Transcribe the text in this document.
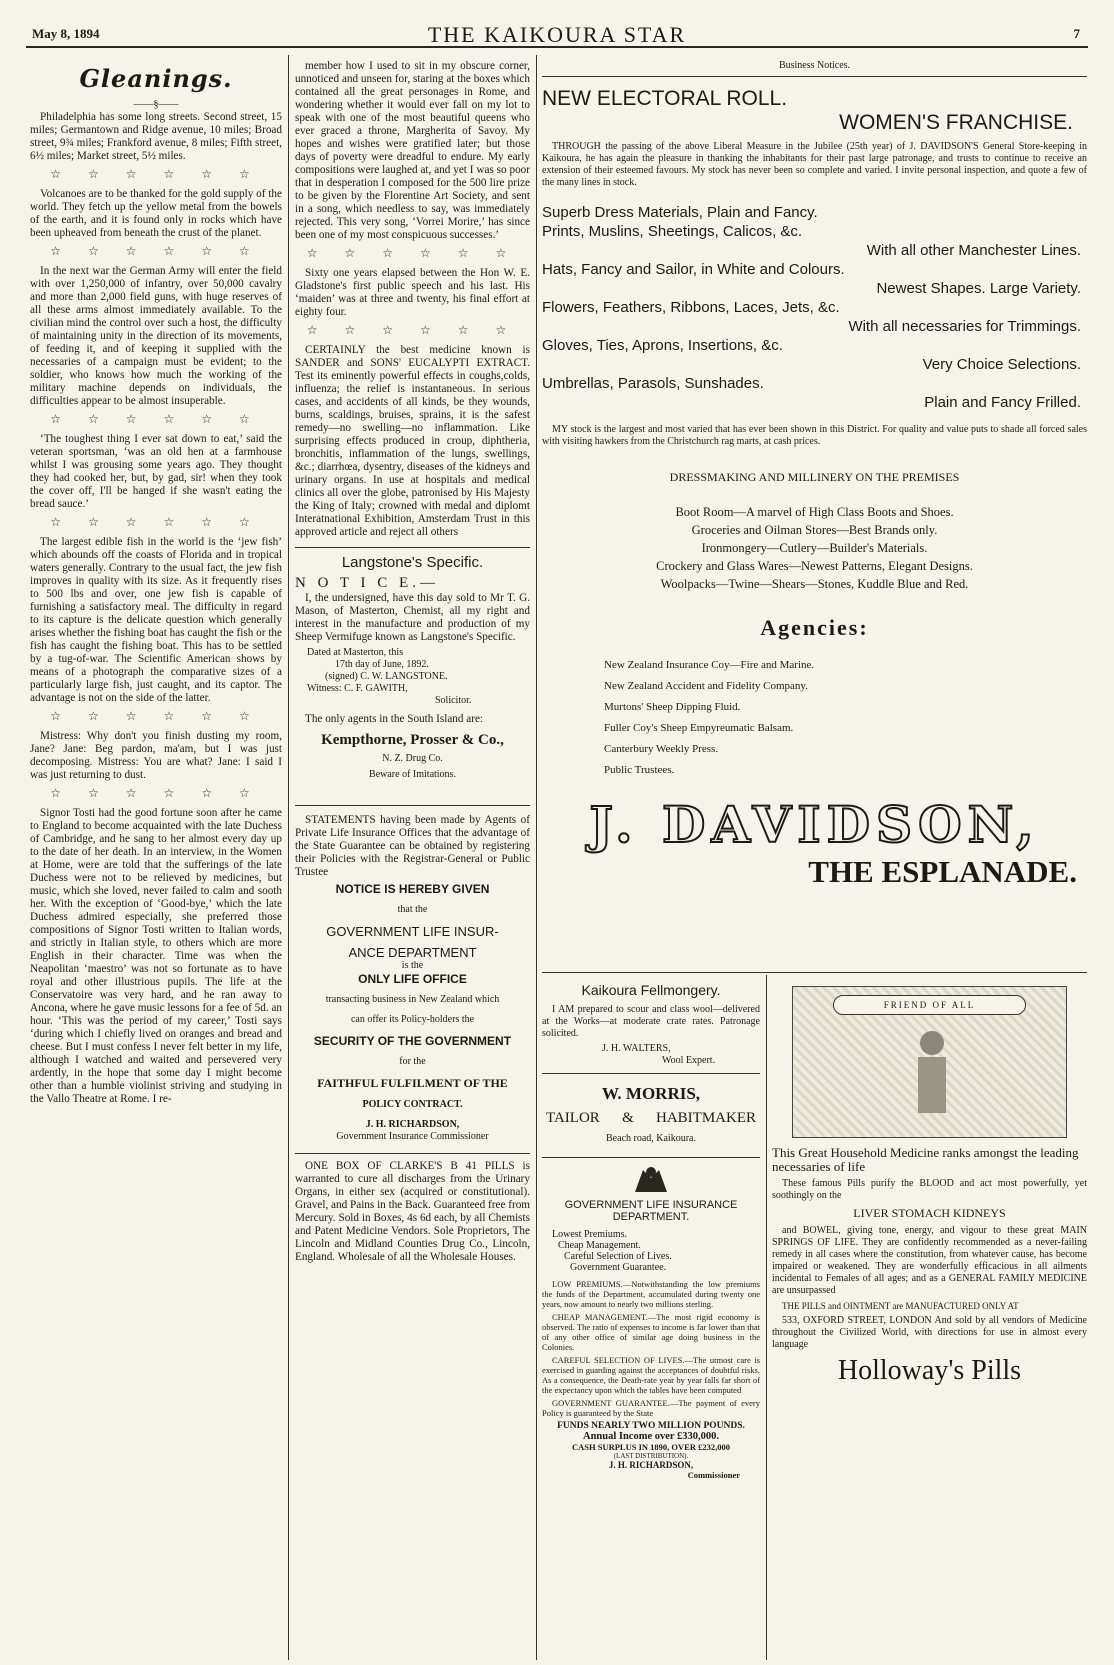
May 8, 1894	THE KAIKOURA STAR	7
Gleanings.
——§——

Philadelphia has some long streets. Second street, 15 miles; Germantown and Ridge avenue, 10 miles; Broad street, 9¾ miles; Frankford avenue, 8 miles; Fifth street, 6½ miles; Market street, 5½ miles.

☆ ☆ ☆ ☆ ☆ ☆

Volcanoes are to be thanked for the gold supply of the world. They fetch up the yellow metal from the bowels of the earth, and it is found only in rocks which have been upheaved from beneath the crust of the planet.

☆ ☆ ☆ ☆ ☆ ☆

In the next war the German Army will enter the field with over 1,250,000 of infantry, over 50,000 cavalry and more than 2,000 field guns, with huge reserves of all these arms almost immediately available. To the civilian mind the control over such a host, the difficulty of maintaining unity in the direction of its movements, of feeding it, and of keeping it supplied with the necessaries of a campaign must be evident; to the soldier, who knows how much the working of the military machine depends on individuals, the difficulties appear to be almost insuperable.

☆ ☆ ☆ ☆ ☆ ☆

‘The toughest thing I ever sat down to eat,’ said the veteran sportsman, ‘was an old hen at a farmhouse whilst I was grousing some years ago. They thought they had cooked her, but, by gad, sir! when they took the cover off, I'll be hanged if she wasn't eating the bread sauce.’

☆ ☆ ☆ ☆ ☆ ☆

The largest edible fish in the world is the ‘jew fish’ which abounds off the coasts of Florida and in tropical waters generally. Contrary to the usual fact, the jew fish improves in quality with its size. As it frequently rises to 500 lbs and over, one jew fish is capable of furnishing a satisfactory meal. The difficulty in regard to its capture is the delicate question which generally arises whether the fishing boat has caught the fish or the fish has caught the fishing boat. This has to be settled by a tug-of-war. The Scientific American shows by means of a photograph the comparative sizes of a particularly large fish, just caught, and its captor. The advantage is not on the side of the latter.

☆ ☆ ☆ ☆ ☆ ☆

Mistress: Why don't you finish dusting my room, Jane? Jane: Beg pardon, ma'am, but I was just decomposing. Mistress: You are what? Jane: I said I was just returning to dust.

☆ ☆ ☆ ☆ ☆ ☆

Signor Tosti had the good fortune soon after he came to England to become acquainted with the late Duchess of Cambridge, and he sang to her almost every day up to the date of her death. In an interview, in the Women at Home, were are told that the sufferings of the late Duchess were not to be relieved by medicines, but music, which she loved, never failed to calm and sooth her. With the exception of ‘Good-bye,’ which the late Duchess admired especially, she preferred those compositions of Signor Tosti written to Italian words, and strictly in Italian style, to others which are more English in their character. Time was when the Neapolitan ‘maestro’ was not so fortunate as to have royal and other illustrious pupils. The life at the Conservatoire was very hard, and he ran away to Ancona, where he gave music lessons for a fee of 5d. an hour. ‘This was the period of my career,’ Tosti says ‘during which I chiefly lived on oranges and bread and cheese. But I must confess I never felt better in my life, although I watched and waited and persevered very ardently, in the hope that some day I might become other than a humble violinist striving and studying in the Vallo Theatre at Rome. I re-

member how I used to sit in my obscure corner, unnoticed and unseen for, staring at the boxes which contained all the great personages in Rome, and wondering whether it would ever fall on my lot to speak with one of the most beautiful queens who ever graced a throne, Margherita of Savoy. My hopes and wishes were gratified later; but those days of poverty were dreadful to endure. My early compositions were laughed at, and yet I was so poor that in desperation I composed for the 500 lire prize to be given by the Florentine Art Society, and sent in a song, which needless to say, was immediately rejected. This very song, ‘Vorrei Morire,’ has since been one of my most conspicuous successes.’

☆ ☆ ☆ ☆ ☆ ☆

Sixty one years elapsed between the Hon W. E. Gladstone's first public speech and his last. His ‘maiden’ was at three and twenty, his final effort at eighty four.

☆ ☆ ☆ ☆ ☆ ☆

CERTAINLY the best medicine known is SANDER and SONS' EUCALYPTI EXTRACT. Test its eminently powerful effects in coughs,colds, influenza; the relief is instantaneous. In serious cases, and accidents of all kinds, be they wounds, burns, scaldings, bruises, sprains, it is the safest remedy—no swelling—no inflammation. Like surprising effects produced in croup, diphtheria, bronchitis, inflammation of the lungs, swellings, &c.; diarrhœa, dysentry, diseases of the kidneys and urinary organs. In use at hospitals and medical clinics all over the globe, patronised by His Majesty the King of Italy; crowned with medal and diplomt Interatnational Exhibition, Amsterdam Trust in this approved article and reject all others

Langstone's Specific.
N O T I C E.—

I, the undersigned, have this day sold to Mr T. G. Mason, of Masterton, Chemist, all my right and interest in the manufacture and production of my Sheep Vermifuge known as Langstone's Specific.

Dated at Masterton, this
17th day of June, 1892.
(signed) C. W. LANGSTONE.
Witness: C. F. GAWITH,
Solicitor.

The only agents in the South Island are:

Kempthorne, Prosser & Co.,
N. Z. Drug Co.
Beware of Imitations.

STATEMENTS having been made by Agents of Private Life Insurance Offices that the advantage of the State Guarantee can be obtained by registering their Policies with the Registrar-General or Public Trustee

NOTICE IS HEREBY GIVEN
that the
GOVERNMENT LIFE INSUR-
ANCE DEPARTMENT
is the
ONLY LIFE OFFICE
transacting business in New Zealand which
can offer its Policy-holders the
SECURITY OF THE GOVERNMENT
for the
FAITHFUL FULFILMENT OF THE
POLICY CONTRACT.
J. H. RICHARDSON,
Government Insurance Commissioner

ONE BOX OF CLARKE'S B 41 PILLS is warranted to cure all discharges from the Urinary Organs, in either sex (acquired or constitutional). Gravel, and Pains in the Back. Guaranteed free from Mercury. Sold in Boxes, 4s 6d each, by all Chemists and Patent Medicine Vendors. Sole Proprietors, The Lincoln and Midland Counties Drug Co., Lincoln, England. Wholesale of all the Wholesale Houses.

Business Notices.
NEW ELECTORAL ROLL.
WOMEN'S FRANCHISE.

THROUGH the passing of the above Liberal Measure in the Jubilee (25th year) of J. DAVIDSON'S General Store-keeping in Kaikoura, he has again the pleasure in thanking the inhabitants for their past large patronage, and trusts to continue to receive an extension of their esteemed favours. My stock has never been so complete and varied. I invite personal inspection, and quote a few of the many lines in stock.

Superb Dress Materials, Plain and Fancy.
Prints, Muslins, Sheetings, Calicos, &c.
With all other Manchester Lines.
Hats, Fancy and Sailor, in White and Colours.
Newest Shapes. Large Variety.
Flowers, Feathers, Ribbons, Laces, Jets, &c.
With all necessaries for Trimmings.
Gloves, Ties, Aprons, Insertions, &c.
Very Choice Selections.
Umbrellas, Parasols, Sunshades.
Plain and Fancy Frilled.

MY stock is the largest and most varied that has ever been shown in this District. For quality and value puts to shade all forced sales with visiting hawkers from the Christchurch rag marts, at cash prices.

DRESSMAKING AND MILLINERY ON THE PREMISES
Boot Room—A marvel of High Class Boots and Shoes.
Groceries and Oilman Stores—Best Brands only.
Ironmongery—Cutlery—Builder's Materials.
Crockery and Glass Wares—Newest Patterns, Elegant Designs.
Woolpacks—Twine—Shears—Stones, Kuddle Blue and Red.
Agencies:
New Zealand Insurance Coy—Fire and Marine.
New Zealand Accident and Fidelity Company.
Murtons' Sheep Dipping Fluid.
Fuller Coy's Sheep Empyreumatic Balsam.
Canterbury Weekly Press.
Public Trustees.
J. DAVIDSON,
THE ESPLANADE.
Kaikoura Fellmongery.

I AM prepared to scour and class wool—delivered at the Works—at moderate crate rates. Patronage solicited.

J. H. WALTERS,
Wool Expert.
W. MORRIS,
TAILOR & HABITMAKER
Beach road, Kaikoura.
GOVERNMENT LIFE INSURANCE DEPARTMENT.
Lowest Premiums.
Cheap Management.
Careful Selection of Lives.
Government Guarantee.

LOW PREMIUMS.—Notwithstanding the low premiums the funds of the Department, accumulated during twenty one years, now amount to nearly two millions sterling.

CHEAP MANAGEMENT.—The most rigid economy is observed. The ratio of expenses to income is far lower than that of any other office of similar age doing business in the Colonies.

CAREFUL SELECTION OF LIVES.—The utmost care is exercised in guarding against the acceptances of doubtful risks. As a consequence, the Death-rate year by year falls far short of the expectancy upon which the tables have been computed

GOVERNMENT GUARANTEE.—The payment of every Policy is guaranteed by the State

FUNDS NEARLY TWO MILLION POUNDS.
Annual Income over £330,000.
CASH SURPLUS IN 1890, OVER £232,000
(LAST DISTRIBUTION).
J. H. RICHARDSON,
Commissioner
FRIEND OF ALL
This Great Household Medicine ranks amongst the leading necessaries of life

These famous Pills purify the BLOOD and act most powerfully, yet soothingly on the

LIVER STOMACH KIDNEYS

and BOWEL, giving tone, energy, and vigour to these great MAIN SPRINGS OF LIFE. They are confidently recommended as a never-failing remedy in all cases where the constitution, from whatever cause, has become impaired or weakened. They are wonderfully efficacious in all ailments incidental to Females of all ages; and as a GENERAL FAMILY MEDICINE are unsurpassed

THE PILLS and OINTMENT are MANUFACTURED ONLY AT

533, OXFORD STREET, LONDON And sold by all vendors of Medicine throughout the Civilized World, with directions for use in almost every language

Holloway's Pills
